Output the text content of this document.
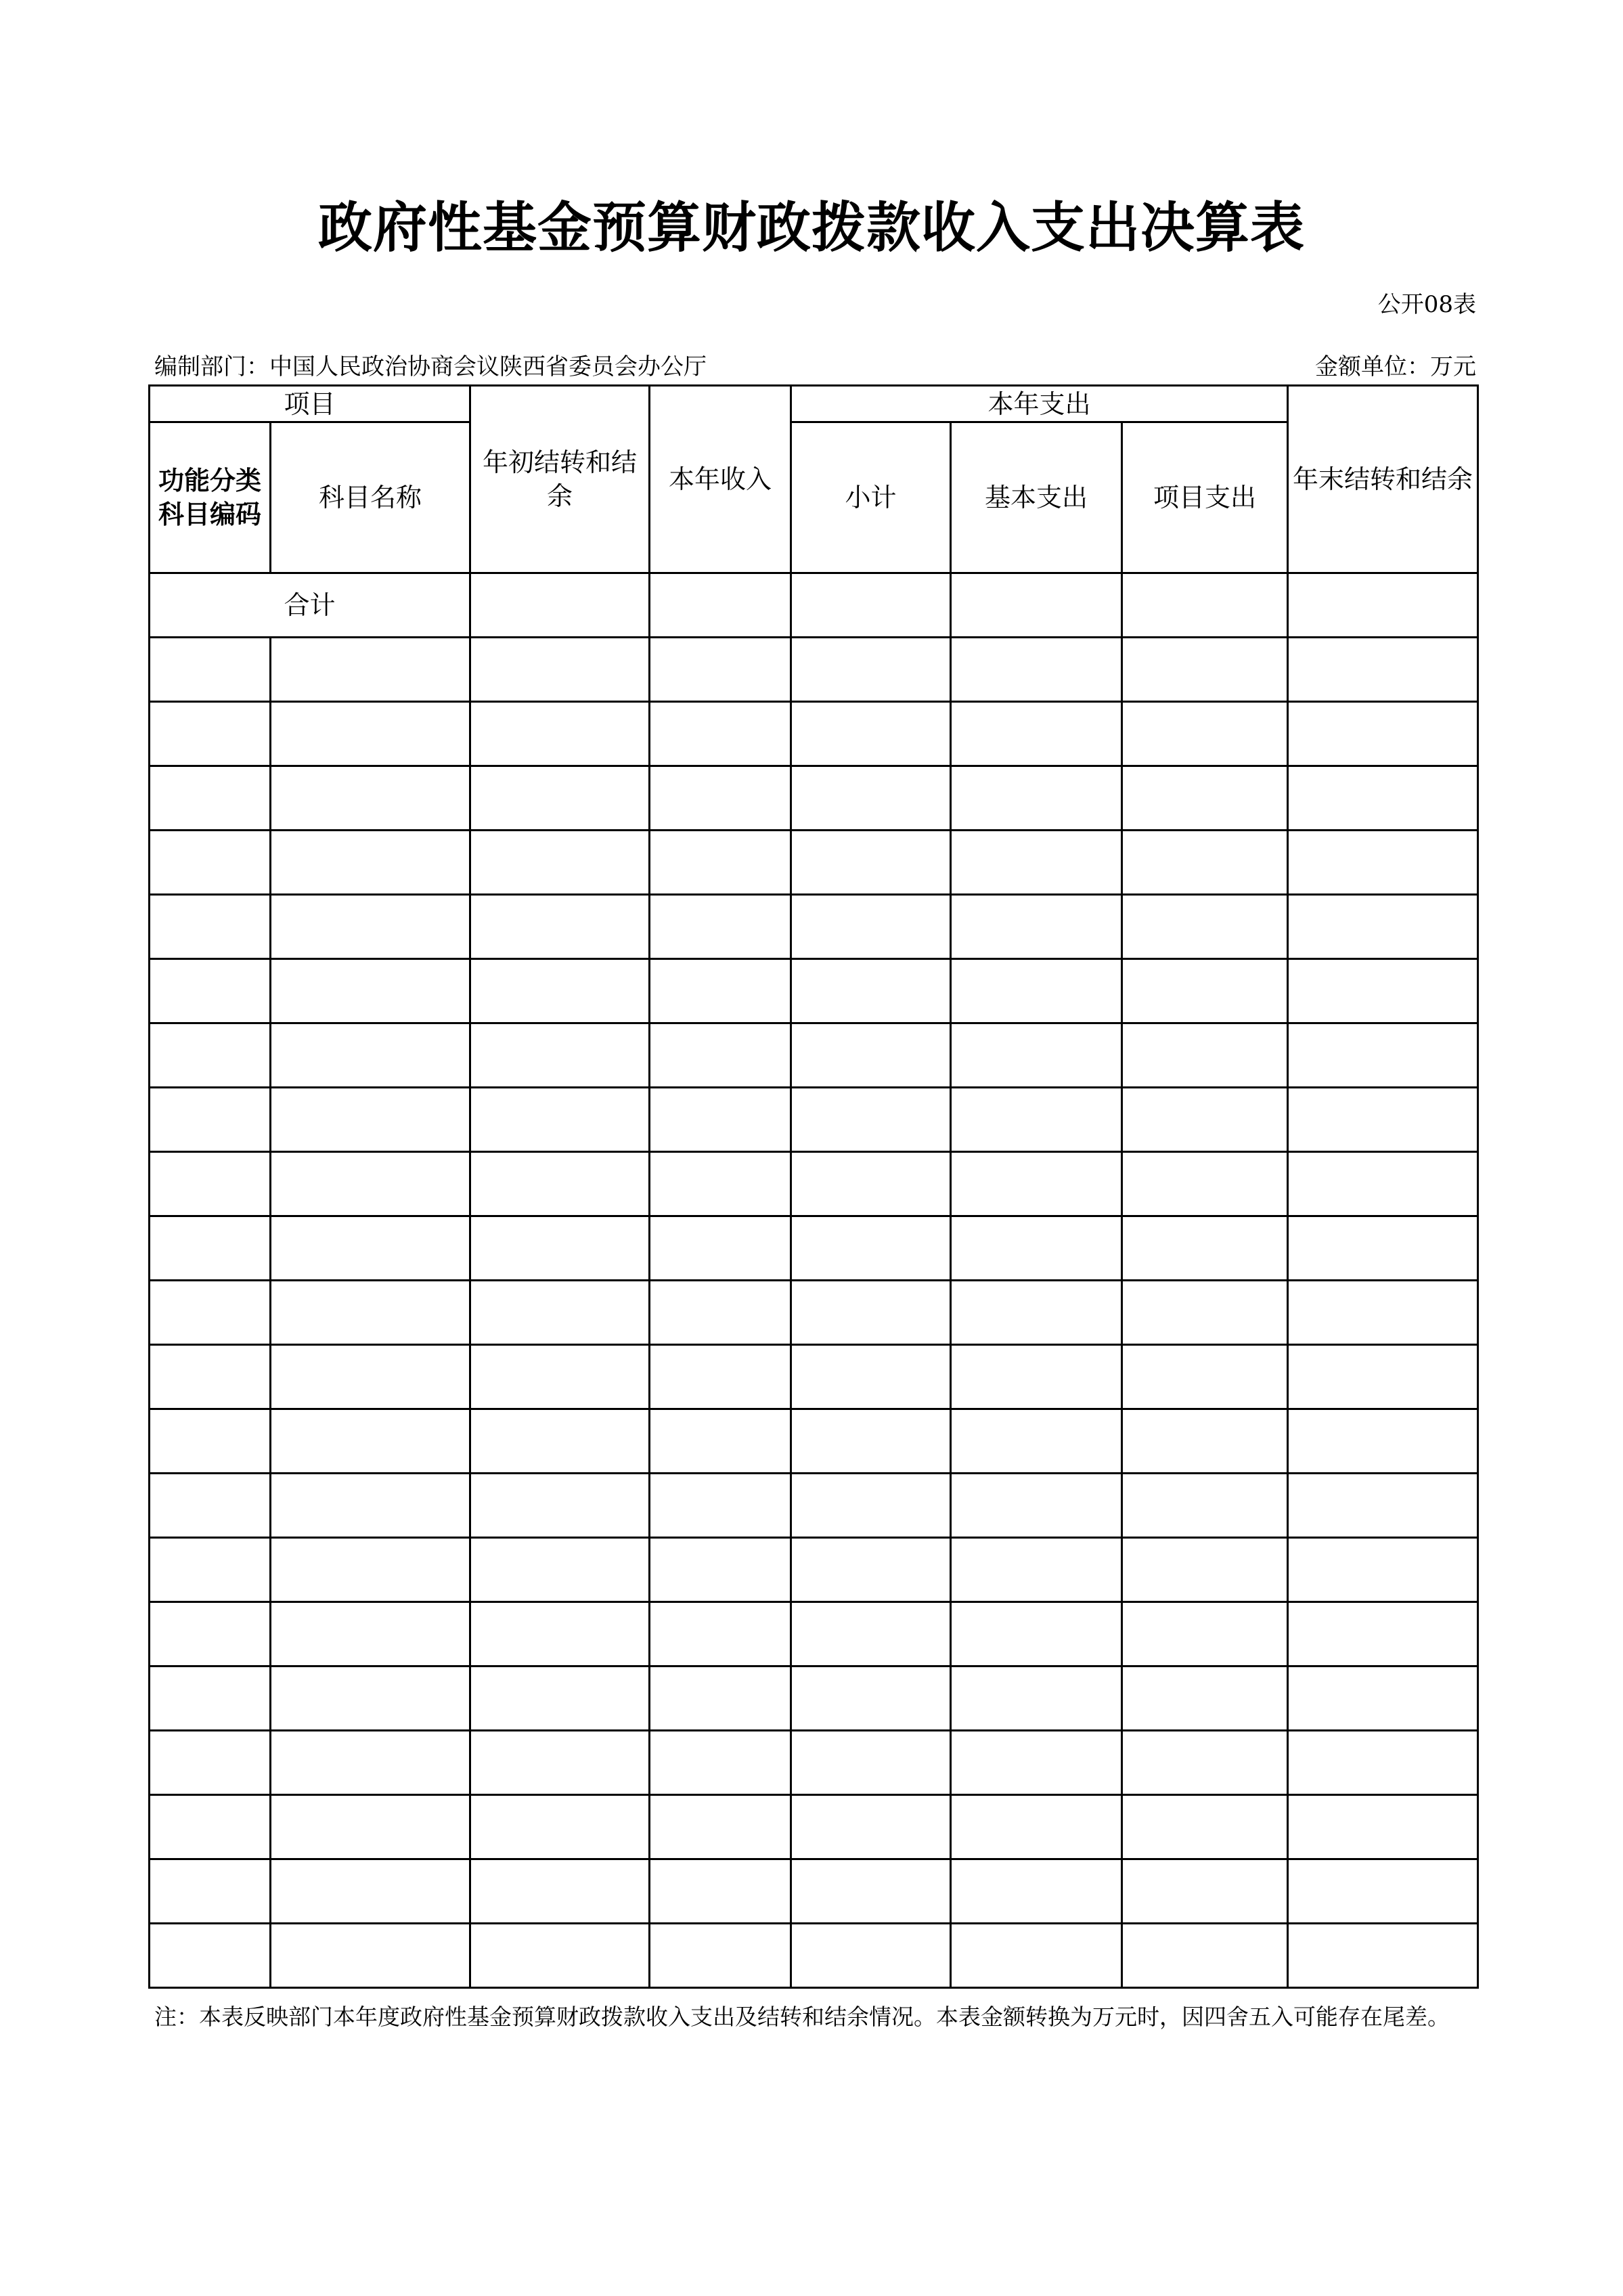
政府性基金预算财政拨款收入支出决算表
公开08表
编制部门：中国人民政治协商会议陕西省委员会办公厅	金额单位：万元
项目		年初结转和结余	本年收入	本年支出			年末结转和结余
功能分类科目编码	科目名称			小计	基本支出	项目支出	
合计							

注：本表反映部门本年度政府性基金预算财政拨款收入支出及结转和结余情况。本表金额转换为万元时，因四舍五入可能存在尾差。
